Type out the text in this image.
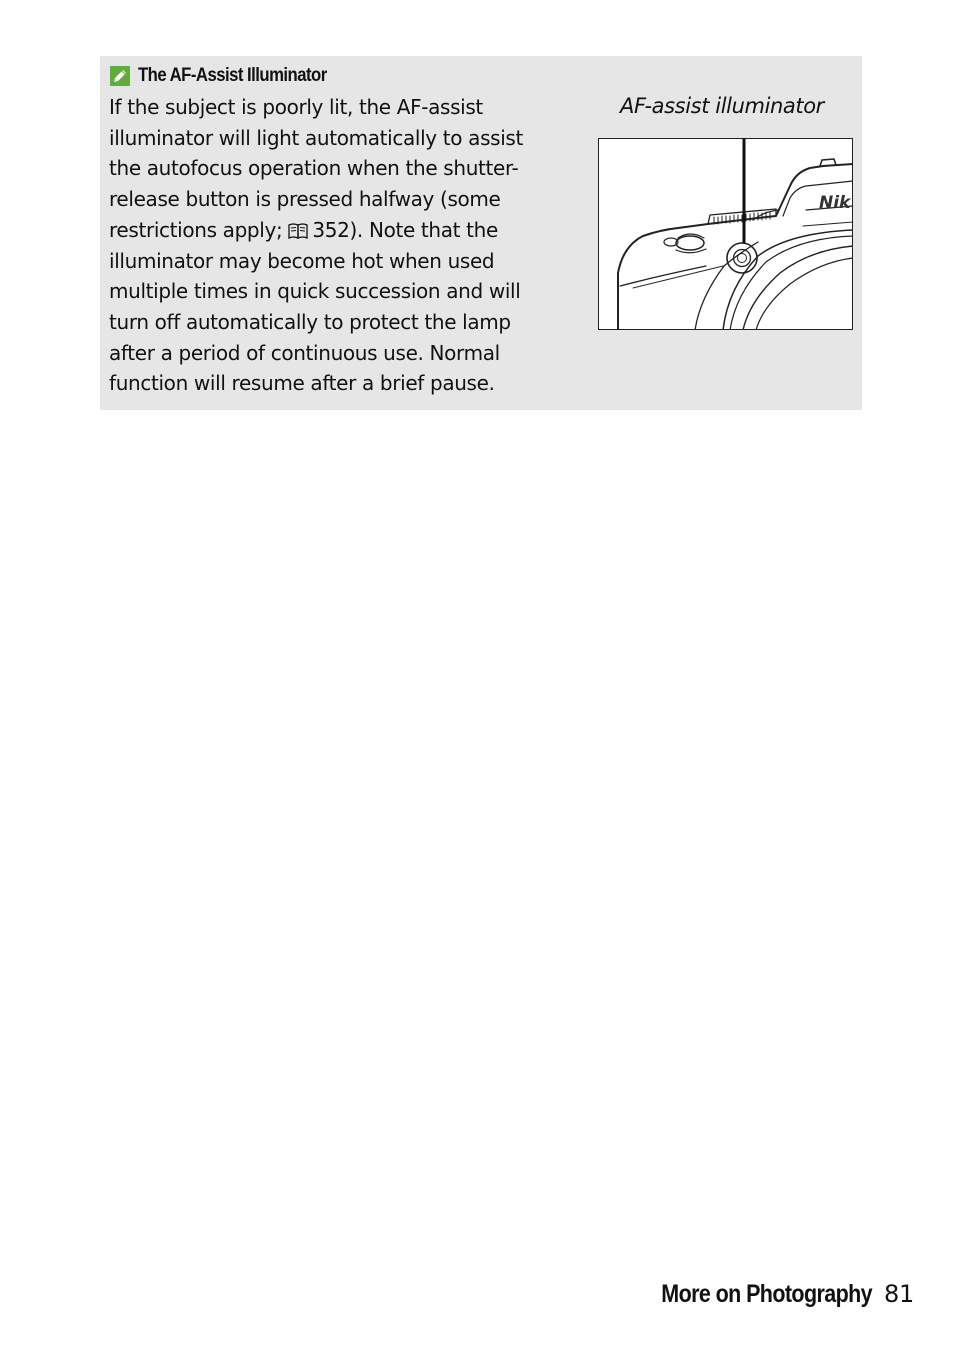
The AF-Assist Illuminator
If the subject is poorly lit, the AF-assist
illuminator will light automatically to assist
the autofocus operation when the shutter-
release button is pressed halfway (some
restrictions apply; 352). Note that the
illuminator may become hot when used
multiple times in quick succession and will
turn off automatically to protect the lamp
after a period of continuous use. Normal
function will resume after a brief pause.
AF-assist illuminator
Nik
More on Photography 81
